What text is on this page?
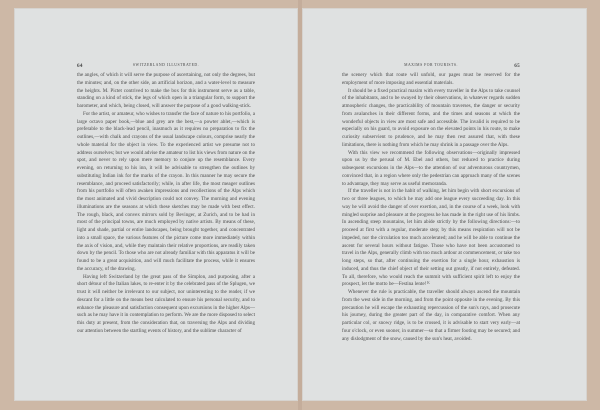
64	SWITZERLAND ILLUSTRATED.

the angles, of which it will serve the purpose of ascertaining, not only the degrees, but the minutes; and, on the other side, an artificial horizon, and a water-level to measure the heights. M. Pictet contrived to make the box for this instrument serve as a table, standing on a kind of stick, the legs of which open in a triangular form, to support the barometer, and which, being closed, will answer the purpose of a good walking-stick.

For the artist, or amateur, who wishes to transfer the face of nature to his portfolio, a large octavo paper book,—blue and grey are the best,—a powter ablet,—which is preferable to the black-lead pencil, inasmuch as it requires no preparation to fix the outlines,—with chalk and crayons of the usual landscape colours, comprise nearly the whole material for the object in view. To the experienced artist we presume not to address ourselves; but we would advise the amateur to list his views from nature on the spot, and never to rely upon mere memory to conjure up the resemblance. Every evening, on returning to his inn, it will be advisable to strengthen the outlines by substituting Indian ink for the marks of the crayon. In this manner he may secure the resemblance, and proceed satisfactorily; while, in after life, the most meager outlines from his portfolio will often awaken impressions and recollections of the Alps which the most animated and vivid description could not convey. The morning and evening illuminations are the seasons at which these sketches may be made with best effect. The rough, black, and convex mirrors sold by Bevinger, at Zurich, and to be had in most of the principal towns, are much employed by native artists. By means of these, light and shade, partial or entire landscapes, being brought together, and concentrated into a small space, the various features of the picture come more immediately within the axis of vision, and, while they maintain their relative proportions, are readily taken down by the pencil. To those who are not already familiar with this apparatus it will be found to be a great acquisition, and will much facilitate the process, while it ensures the accuracy, of the drawing.

Having left Switzerland by the great pass of the Simplon, and purposing, after a short détour of the Italian lakes, to re-enter it by the celebrated pass of the Splugen, we trust it will neither be irrelevant to our subject, nor uninteresting to the reader, if we descant for a little on the means best calculated to ensure his personal security, and to enhance the pleasure and satisfaction consequent upon excursions in the higher Alps—such as he may have it in contemplation to perform. We are the more disposed to select this duty at present, from the consideration that, on traversing the Alps and dividing our attention between the startling events of history, and the sublime character of

MAXIMS FOR TOURISTS.	65

the scenery which that route will unfold, our pages must be reserved for the employment of more imposing and essential materials.

It should be a fixed practical maxim with every traveller in the Alps to take counsel of the inhabitants, and to be swayed by their observations, in whatever regards sudden atmospheric changes, the practicability of mountain traverses, the danger or security from avalanches in their different forms, and the times and seasons at which the wonderful objects in view are most safe and accessible. The invalid is required to be especially on his guard, to avoid exposure on the elevated points in his route, to make curiosity subservient to prudence, and he may then rest assured that, with these limitations, there is nothing from which he may shrink in a passage over the Alps.

With this view we recommend the following observations—originally impressed upon us by the perusal of M. Ebel and others, but reduced to practice during subsequent excursions in the Alps—to the attention of our adventurous countrymen, convinced that, in a region where only the pedestrian can approach many of the scenes to advantage, they may serve as useful memoranda.

If the traveller is not in the habit of walking, let him begin with short excursions of two or three leagues, to which he may add one league every succeeding day. In this way he will avoid the danger of over exertion, and, in the course of a week, look with mingled surprise and pleasure at the progress he has made in the right use of his limbs. In ascending steep mountains, let him abide strictly by the following directions:—to proceed at first with a regular, moderate step; by this means respiration will not be impeded, nor the circulation too much accelerated; and he will be able to continue the ascent for several hours without fatigue. Those who have not been accustomed to travel in the Alps, generally climb with too much ardour at commencement, or take too long steps, so that, after continuing the exertion for a single hour, exhaustion is induced, and thus the chief object of their setting out greatly, if not entirely, defeated. To all, therefore, who would reach the summit with sufficient spirit left to enjoy the prospect, let the motto be—Festina lente!

Whenever the rule is practicable, the traveller should always ascend the mountain from the west side in the morning, and from the point opposite in the evening. By this precaution he will escape the exhausting repercussion of the sun's rays, and prosecute his journey, during the greater part of the day, in comparative comfort. When any particular col, or snowy ridge, is to be crossed, it is advisable to start very early—at four o'clock, or even sooner, in summer—so that a firmer footing may be secured; and any dislodgment of the snow, caused by the sun's heat, avoided.

K
